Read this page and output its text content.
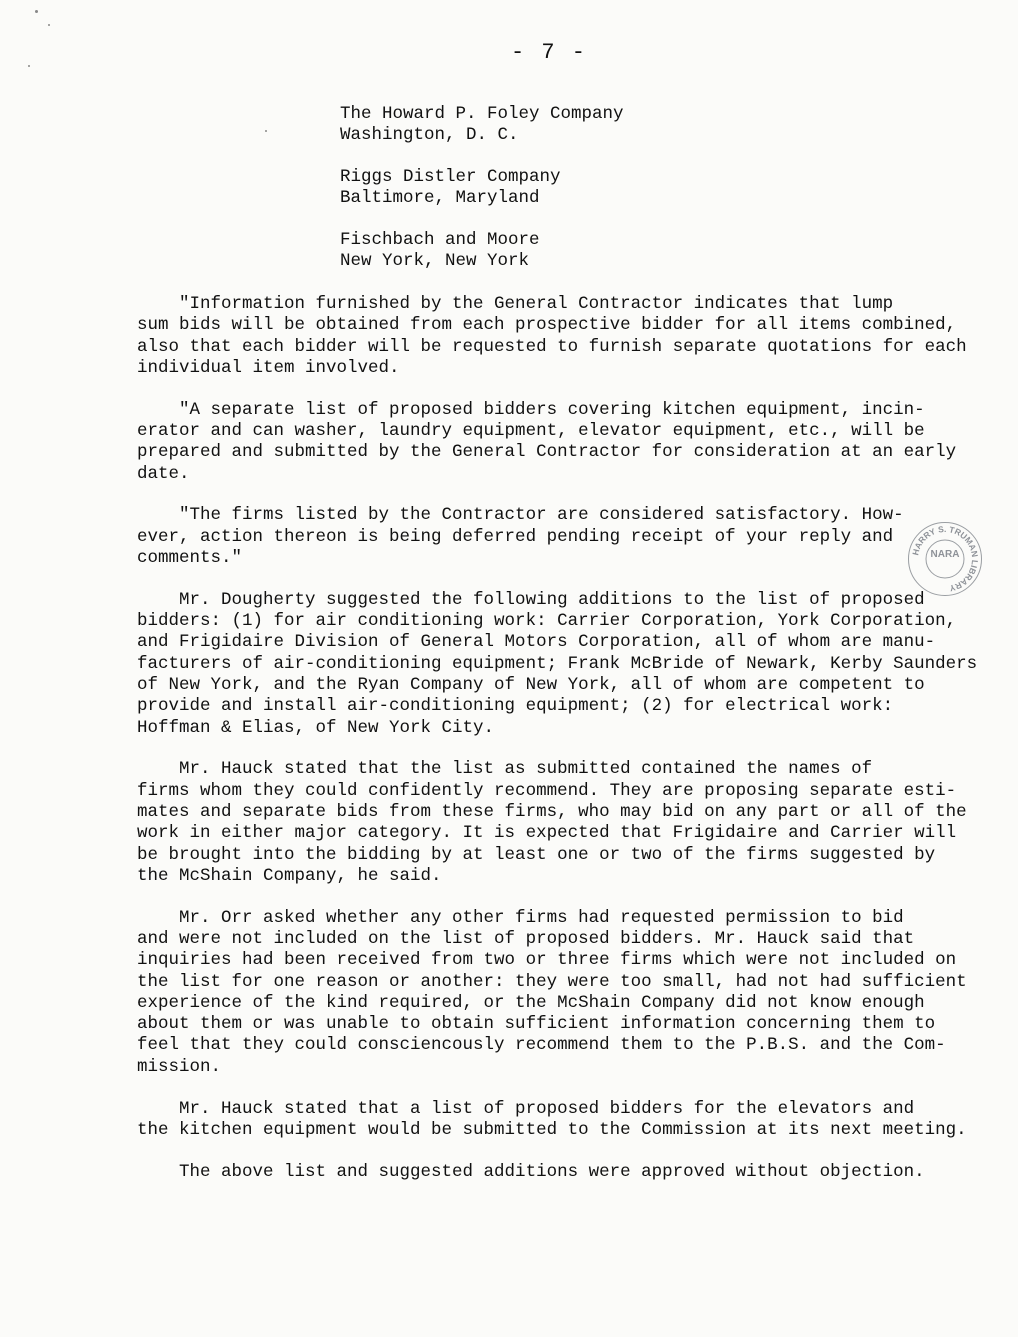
- 7 -
The Howard P. Foley Company
Washington, D. C.
Riggs Distler Company
Baltimore, Maryland
Fischbach and Moore
New York, New York
"Information furnished by the General Contractor indicates that lump
sum bids will be obtained from each prospective bidder for all items combined,
also that each bidder will be requested to furnish separate quotations for each
individual item involved.
"A separate list of proposed bidders covering kitchen equipment, incin-
erator and can washer, laundry equipment, elevator equipment, etc., will be
prepared and submitted by the General Contractor for consideration at an early
date.
"The firms listed by the Contractor are considered satisfactory. How-
ever, action thereon is being deferred pending receipt of your reply and
comments."
Mr. Dougherty suggested the following additions to the list of proposed
bidders: (1) for air conditioning work: Carrier Corporation, York Corporation,
and Frigidaire Division of General Motors Corporation, all of whom are manu-
facturers of air-conditioning equipment; Frank McBride of Newark, Kerby Saunders
of New York, and the Ryan Company of New York, all of whom are competent to
provide and install air-conditioning equipment; (2) for electrical work:
Hoffman & Elias, of New York City.
Mr. Hauck stated that the list as submitted contained the names of
firms whom they could confidently recommend. They are proposing separate esti-
mates and separate bids from these firms, who may bid on any part or all of the
work in either major category. It is expected that Frigidaire and Carrier will
be brought into the bidding by at least one or two of the firms suggested by
the McShain Company, he said.
Mr. Orr asked whether any other firms had requested permission to bid
and were not included on the list of proposed bidders. Mr. Hauck said that
inquiries had been received from two or three firms which were not included on
the list for one reason or another: they were too small, had not had sufficient
experience of the kind required, or the McShain Company did not know enough
about them or was unable to obtain sufficient information concerning them to
feel that they could consciencously recommend them to the P.B.S. and the Com-
mission.
Mr. Hauck stated that a list of proposed bidders for the elevators and
the kitchen equipment would be submitted to the Commission at its next meeting.
The above list and suggested additions were approved without objection.
HARRY S. TRUMAN LIBRARY
NARA
